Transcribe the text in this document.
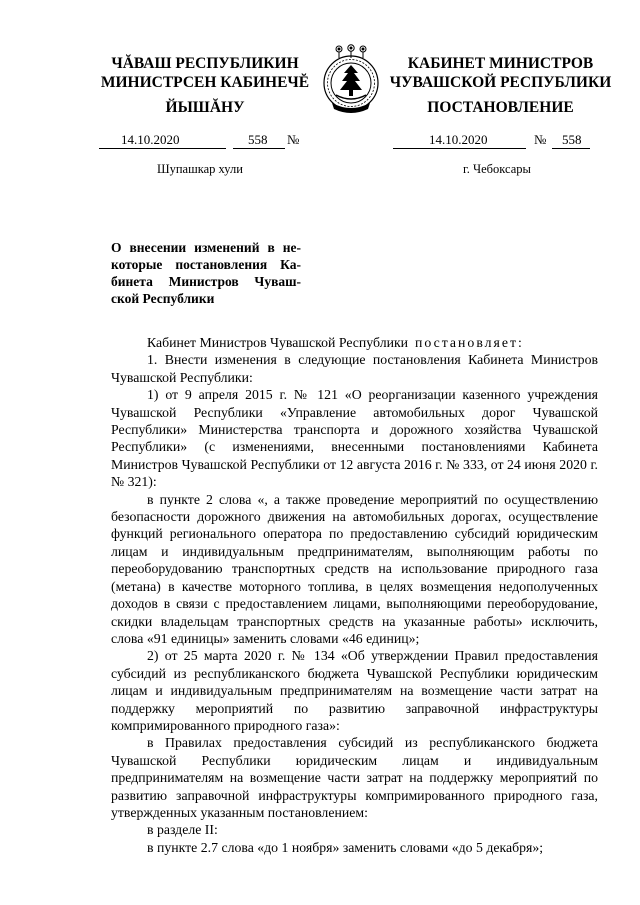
ЧĂВАШ РЕСПУБЛИКИН
МИНИСТРСЕН КАБИНЕЧĔ
ЙЫШĂНУ
КАБИНЕТ МИНИСТРОВ
ЧУВАШСКОЙ РЕСПУБЛИКИ
ПОСТАНОВЛЕНИЕ
14.10.2020	558 №	14.10.2020	№ 558
Шупашкар хули	г. Чебоксары
О внесении изменений в не-
которые постановления Ка-
бинета Министров Чуваш-
ской Республики

Кабинет Министров Чувашской Республики постановляет:

1. Внести изменения в следующие постановления Кабинета Министров Чувашской Республики:

1) от 9 апреля 2015 г. № 121 «О реорганизации казенного учреждения Чувашской Республики «Управление автомобильных дорог Чувашской Республики» Министерства транспорта и дорожного хозяйства Чувашской Республики» (с изменениями, внесенными постановлениями Кабинета Министров Чувашской Республики от 12 августа 2016 г. № 333, от 24 июня 2020 г. № 321):

в пункте 2 слова «, а также проведение мероприятий по осуществлению безопасности дорожного движения на автомобильных дорогах, осуществление функций регионального оператора по предоставлению субсидий юридическим лицам и индивидуальным предпринимателям, выполняющим работы по переоборудованию транспортных средств на использование природного газа (метана) в качестве моторного топлива, в целях возмещения недополученных доходов в связи с предоставлением лицами, выполняющими переоборудование, скидки владельцам транспортных средств на указанные работы» исключить, слова «91 единицы» заменить словами «46 единиц»;

2) от 25 марта 2020 г. № 134 «Об утверждении Правил предоставления субсидий из республиканского бюджета Чувашской Республики юридическим лицам и индивидуальным предпринимателям на возмещение части затрат на поддержку мероприятий по развитию заправочной инфраструктуры компримированного природного газа»:

в Правилах предоставления субсидий из республиканского бюджета Чувашской Республики юридическим лицам и индивидуальным предпринимателям на возмещение части затрат на поддержку мероприятий по развитию заправочной инфраструктуры компримированного природного газа, утвержденных указанным постановлением:

в разделе II:

в пункте 2.7 слова «до 1 ноября» заменить словами «до 5 декабря»;
